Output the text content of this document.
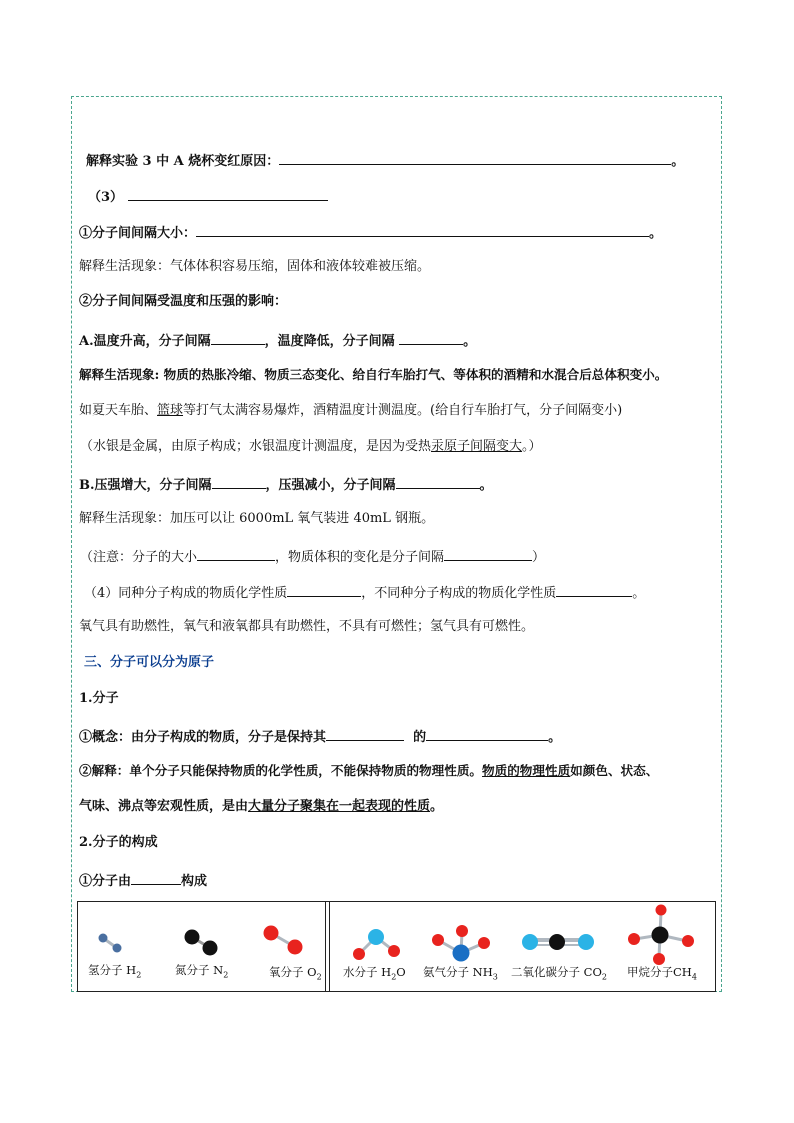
解释实验 3 中 A 烧杯变红原因：	。
（3）
①分子间间隔大小：	。
解释生活现象：气体体积容易压缩，固体和液体较难被压缩。
②分子间间隔受温度和压强的影响：
A.温度升高，分子间隔	，温度降低，分子间隔	。
解释生活现象: 物质的热胀冷缩、物质三态变化、给自行车胎打气、等体积的酒精和水混合后总体积变小。
如夏天车胎、篮球等打气太满容易爆炸，酒精温度计测温度。(给自行车胎打气，分子间隔变小)
（水银是金属，由原子构成；水银温度计测温度，是因为受热汞原子间隔变大。）
B.压强增大，分子间隔	，压强减小，分子间隔	。
解释生活现象：加压可以让 6000mL 氧气装进 40mL 钢瓶。
（注意：分子的大小	，物质体积的变化是分子间隔	）
（4）同种分子构成的物质化学性质	，不同种分子构成的物质化学性质	。
氧气具有助燃性，氧气和液氧都具有助燃性，不具有可燃性；氢气具有可燃性。
三、分子可以分为原子
1.分子
①概念：由分子构成的物质，分子是保持其	的	。
②解释：单个分子只能保持物质的化学性质，不能保持物质的物理性质。物质的物理性质如颜色、状态、
气味、沸点等宏观性质，是由大量分子聚集在一起表现的性质。
2.分子的构成
①分子由	构成
氢分子 $H_2$	氮分子 $N_2$	氧分子 $O_2$ 水分子 $H_2O$ 氨气分子 $NH_3$ 二氧化碳分子 $CO_2$ 甲烷分子$CH_4$
